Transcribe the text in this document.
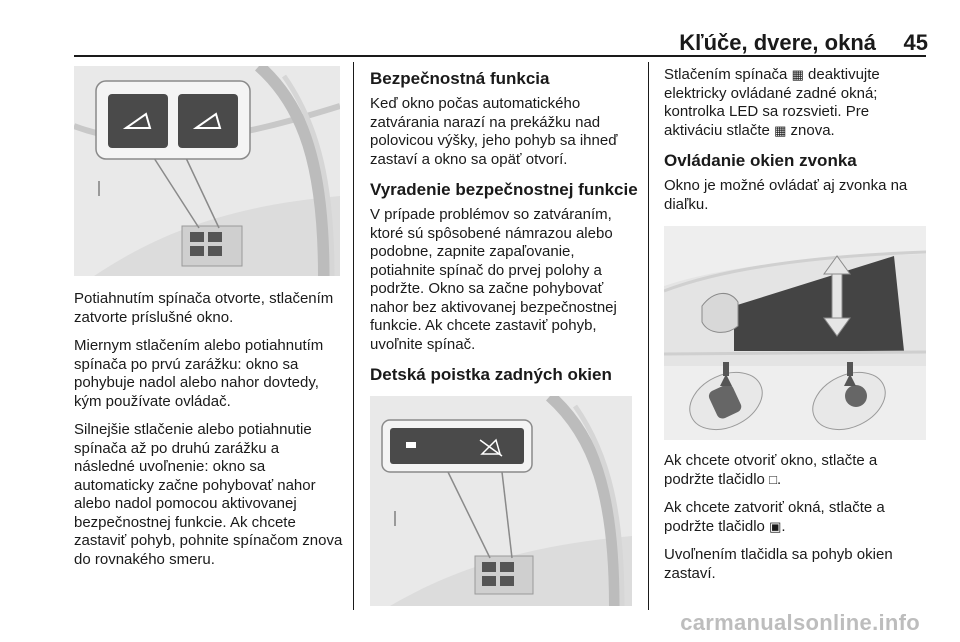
Kľúče, dvere, okná 45

Potiahnutím spínača otvorte, stlačením zatvorte príslušné okno.

Miernym stlačením alebo potiahnutím spínača po prvú zarážku: okno sa pohybuje nadol alebo nahor dovtedy, kým používate ovládač.

Silnejšie stlačenie alebo potiahnutie spínača až po druhú zarážku a následné uvoľnenie: okno sa automaticky začne pohybovať nahor alebo nadol pomocou aktivovanej bezpečnostnej funkcie. Ak chcete zastaviť pohyb, pohnite spínačom znova do rovnakého smeru.

Bezpečnostná funkcia

Keď okno počas automatického zatvárania narazí na prekážku nad polovicou výšky, jeho pohyb sa ihneď zastaví a okno sa opäť otvorí.

Vyradenie bezpečnostnej funkcie

V prípade problémov so zatváraním, ktoré sú spôsobené námrazou alebo podobne, zapnite zapaľovanie, potiahnite spínač do prvej polohy a podržte. Okno sa začne pohybovať nahor bez aktivovanej bezpečnostnej funkcie. Ak chcete zastaviť pohyb, uvoľnite spínač.

Detská poistka zadných okien

Stlačením spínača ▦ deaktivujte elektricky ovládané zadné okná; kontrolka LED sa rozsvieti. Pre aktiváciu stlačte ▦ znova.

Ovládanie okien zvonka

Okno je možné ovládať aj zvonka na diaľku.

Ak chcete otvoriť okno, stlačte a podržte tlačidlo □.

Ak chcete zatvoriť okná, stlačte a podržte tlačidlo ▣.

Uvoľnením tlačidla sa pohyb okien zastaví.

carmanualsonline.info
